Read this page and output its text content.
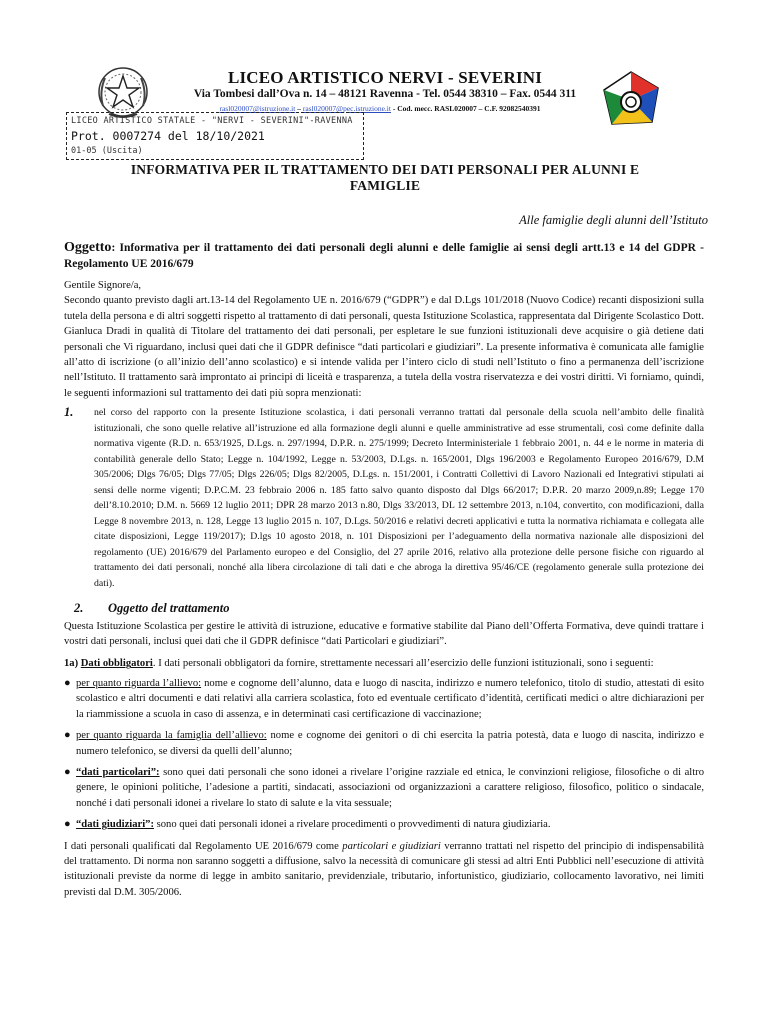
LICEO ARTISTICO NERVI - SEVERINI
Via Tombesi dall’Ova n. 14 – 48121 Ravenna - Tel. 0544 38310 – Fax. 0544 311
rasl020007@istruzione.it – rasl020007@pec.istruzione.it - Cod. mecc. RASL020007 – C.F. 92082540391
LICEO ARTISTICO STATALE - "NERVI - SEVERINI"-RAVENNA
Prot. 0007274 del 18/10/2021
01-05 (Uscita)
INFORMATIVA PER IL TRATTAMENTO DEI DATI PERSONALI PER ALUNNI E
FAMIGLIE
Alle famiglie degli alunni dell’Istituto
Oggetto: Informativa per il trattamento dei dati personali degli alunni e delle famiglie ai sensi degli artt.13 e 14 del GDPR - Regolamento UE 2016/679

Gentile Signore/a,

Secondo quanto previsto dagli art.13-14 del Regolamento UE n. 2016/679 (“GDPR”) e dal D.Lgs 101/2018 (Nuovo Codice) recanti disposizioni sulla tutela della persona e di altri soggetti rispetto al trattamento di dati personali, questa Istituzione Scolastica, rappresentata dal Dirigente Scolastico Dott. Gianluca Dradi in qualità di Titolare del trattamento dei dati personali, per espletare le sue funzioni istituzionali deve acquisire o già detiene dati personali che Vi riguardano, inclusi quei dati che il GDPR definisce “dati particolari e giudiziari”. La presente informativa è comunicata alle famiglie all’atto di iscrizione (o all’inizio dell’anno scolastico) e si intende valida per l’intero ciclo di studi nell’Istituto o fino a permanenza dell’iscrizione nell’Istituto. Il trattamento sarà improntato ai principi di liceità e trasparenza, a tutela della vostra riservatezza e dei vostri diritti. Vi forniamo, quindi, le seguenti informazioni sul trattamento dei dati più sopra menzionati:

1.	nel corso del rapporto con la presente Istituzione scolastica, i dati personali verranno trattati dal personale della scuola nell’ambito delle finalità istituzionali, che sono quelle relative all’istruzione ed alla formazione degli alunni e quelle amministrative ad esse strumentali, così come definite dalla normativa vigente (R.D. n. 653/1925, D.Lgs. n. 297/1994, D.P.R. n. 275/1999; Decreto Interministeriale 1 febbraio 2001, n. 44 e le norme in materia di contabilità generale dello Stato; Legge n. 104/1992, Legge n. 53/2003, D.Lgs. n. 165/2001, Dlgs 196/2003 e Regolamento Europeo 2016/679, D.M 305/2006; Dlgs 76/05; Dlgs 77/05; Dlgs 226/05; Dlgs 82/2005, D.Lgs. n. 151/2001, i Contratti Collettivi di Lavoro Nazionali ed Integrativi stipulati ai sensi delle norme vigenti; D.P.C.M. 23 febbraio 2006 n. 185 fatto salvo quanto disposto dal Dlgs 66/2017; D.P.R. 20 marzo 2009,n.89; Legge 170 dell’8.10.2010; D.M. n. 5669 12 luglio 2011; DPR 28 marzo 2013 n.80, Dlgs 33/2013, DL 12 settembre 2013, n.104, convertito, con modificazioni, dalla Legge 8 novembre 2013, n. 128, Legge 13 luglio 2015 n. 107, D.Lgs. 50/2016 e relativi decreti applicativi e tutta la normativa richiamata e collegata alle citate disposizioni, Legge 119/2017); D.lgs 10 agosto 2018, n. 101 Disposizioni per l’adeguamento della normativa nazionale alle disposizioni del regolamento (UE) 2016/679 del Parlamento europeo e del Consiglio, del 27 aprile 2016, relativo alla protezione delle persone fisiche con riguardo al trattamento dei dati personali, nonché alla libera circolazione di tali dati e che abroga la direttiva 95/46/CE (regolamento generale sulla protezione dei dati).
2.	Oggetto del trattamento

Questa Istituzione Scolastica per gestire le attività di istruzione, educative e formative stabilite dal Piano dell’Offerta Formativa, deve quindi trattare i vostri dati personali, inclusi quei dati che il GDPR definisce “dati Particolari e giudiziari”.

1a) Dati obbligatori. I dati personali obbligatori da fornire, strettamente necessari all’esercizio delle funzioni istituzionali, sono i seguenti:

● per quanto riguarda l’allievo: nome e cognome dell’alunno, data e luogo di nascita, indirizzo e numero telefonico, titolo di studio, attestati di esito scolastico e altri documenti e dati relativi alla carriera scolastica, foto ed eventuale certificato d’identità, certificati medici o altre dichiarazioni per la riammissione a scuola in caso di assenza, e in determinati casi certificazione di vaccinazione;
● per quanto riguarda la famiglia dell’allievo: nome e cognome dei genitori o di chi esercita la patria potestà, data e luogo di nascita, indirizzo e numero telefonico, se diversi da quelli dell’alunno;
● “dati particolari”: sono quei dati personali che sono idonei a rivelare l’origine razziale ed etnica, le convinzioni religiose, filosofiche o di altro genere, le opinioni politiche, l’adesione a partiti, sindacati, associazioni od organizzazioni a carattere religioso, filosofico, politico o sindacale, nonché i dati personali idonei a rivelare lo stato di salute e la vita sessuale;
● “dati giudiziari”: sono quei dati personali idonei a rivelare procedimenti o provvedimenti di natura giudiziaria.

I dati personali qualificati dal Regolamento UE 2016/679 come particolari e giudiziari verranno trattati nel rispetto del principio di indispensabilità del trattamento. Di norma non saranno soggetti a diffusione, salvo la necessità di comunicare gli stessi ad altri Enti Pubblici nell’esecuzione di attività istituzionali previste da norme di legge in ambito sanitario, previdenziale, tributario, infortunistico, giudiziario, collocamento lavorativo, nei limiti previsti dal D.M. 305/2006.
